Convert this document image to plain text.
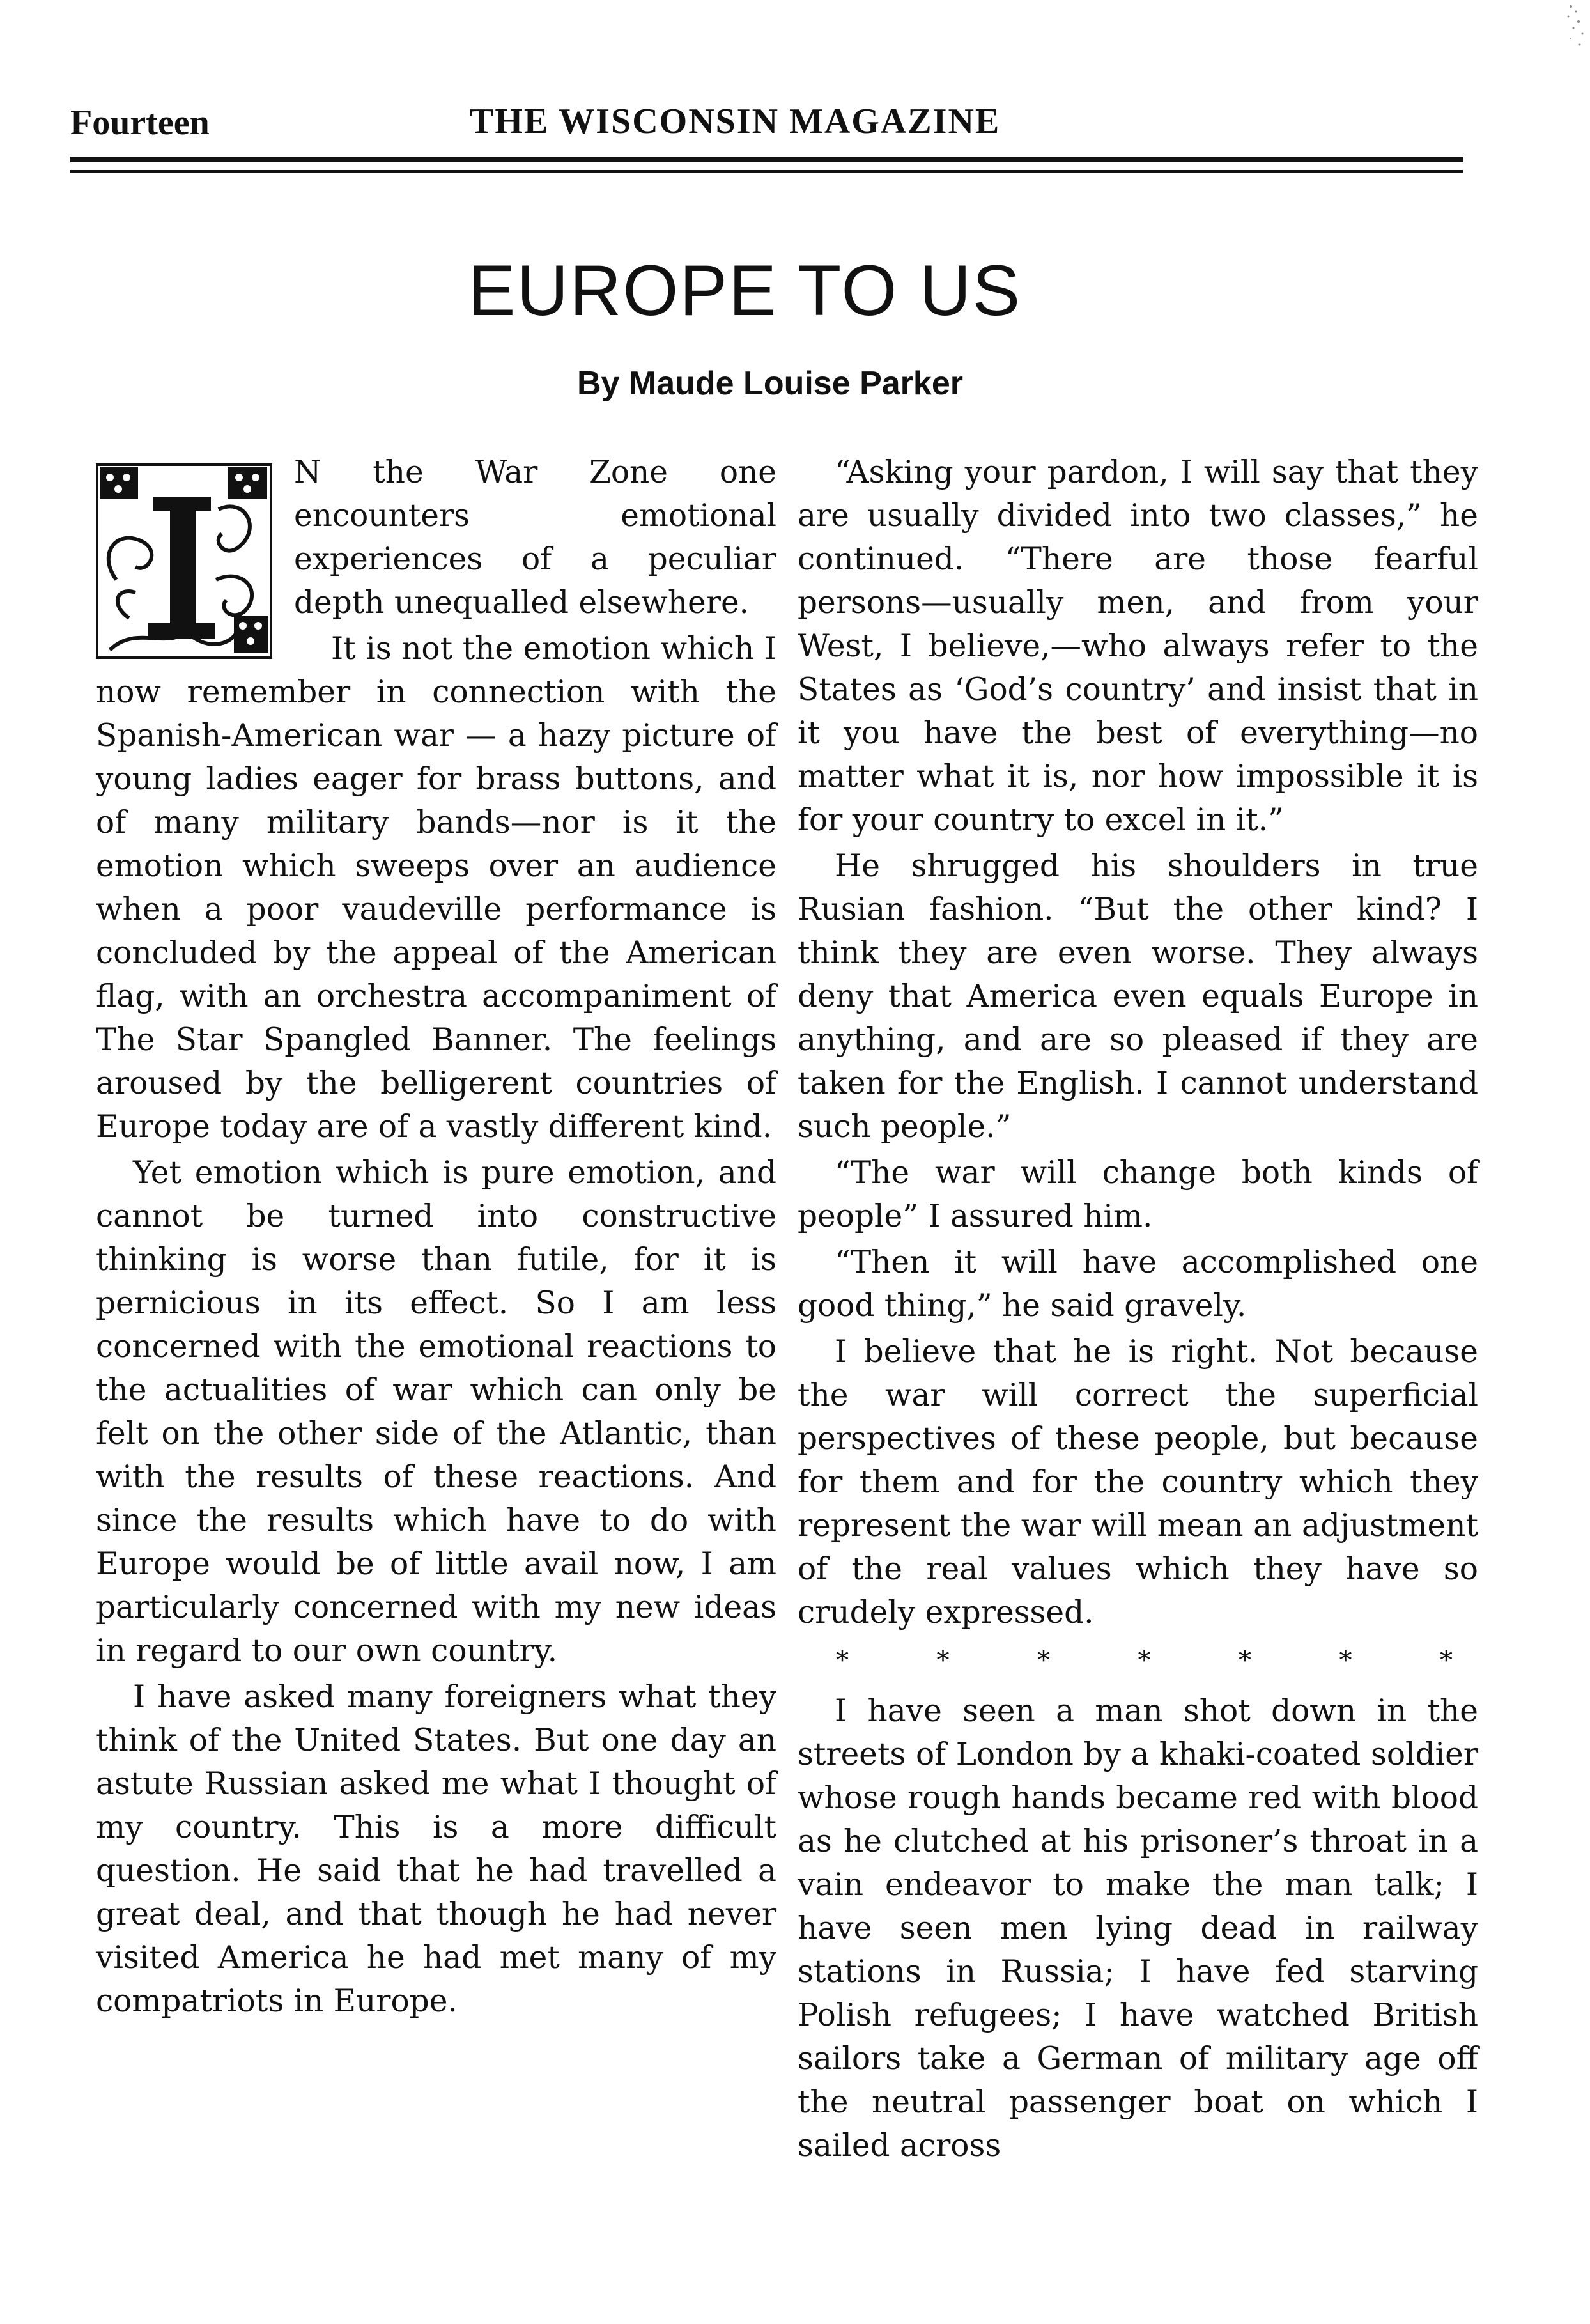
Fourteen	THE WISCONSIN MAGAZINE
EUROPE TO US
By Maude Louise Parker
I

N the War Zone one encounters emotional experiences of a peculiar depth unequalled elsewhere.

It is not the emotion which I now remember in connection with the Spanish-American war — a hazy picture of young ladies eager for brass buttons, and of many military bands—nor is it the emotion which sweeps over an audience when a poor vaudeville performance is concluded by the appeal of the American flag, with an orchestra accompaniment of The Star Spangled Banner. The feelings aroused by the belligerent countries of Europe today are of a vastly different kind.

Yet emotion which is pure emotion, and cannot be turned into constructive thinking is worse than futile, for it is pernicious in its effect. So I am less concerned with the emotional reactions to the actualities of war which can only be felt on the other side of the Atlantic, than with the results of these reactions. And since the results which have to do with Europe would be of little avail now, I am particularly concerned with my new ideas in regard to our own country.

I have asked many foreigners what they think of the United States. But one day an astute Russian asked me what I thought of my country. This is a more difficult question. He said that he had travelled a great deal, and that though he had never visited America he had met many of my compatriots in Europe.

“Asking your pardon, I will say that they are usually divided into two classes,” he continued. “There are those fearful persons—usually men, and from your West, I believe,—who always refer to the States as ‘God’s country’ and insist that in it you have the best of everything—no matter what it is, nor how impossible it is for your country to excel in it.”

He shrugged his shoulders in true Rusian fashion. “But the other kind? I think they are even worse. They always deny that America even equals Europe in anything, and are so pleased if they are taken for the English. I cannot understand such people.”

“The war will change both kinds of people” I assured him.

“Then it will have accomplished one good thing,” he said gravely.

I believe that he is right. Not because the war will correct the superficial perspectives of these people, but because for them and for the country which they represent the war will mean an adjustment of the real values which they have so crudely expressed.

*	*	*	*	*	*	*

I have seen a man shot down in the streets of London by a khaki-coated soldier whose rough hands became red with blood as he clutched at his prisoner’s throat in a vain endeavor to make the man talk; I have seen men lying dead in railway stations in Russia; I have fed starving Polish refugees; I have watched British sailors take a German of military age off the neutral passenger boat on which I sailed across
